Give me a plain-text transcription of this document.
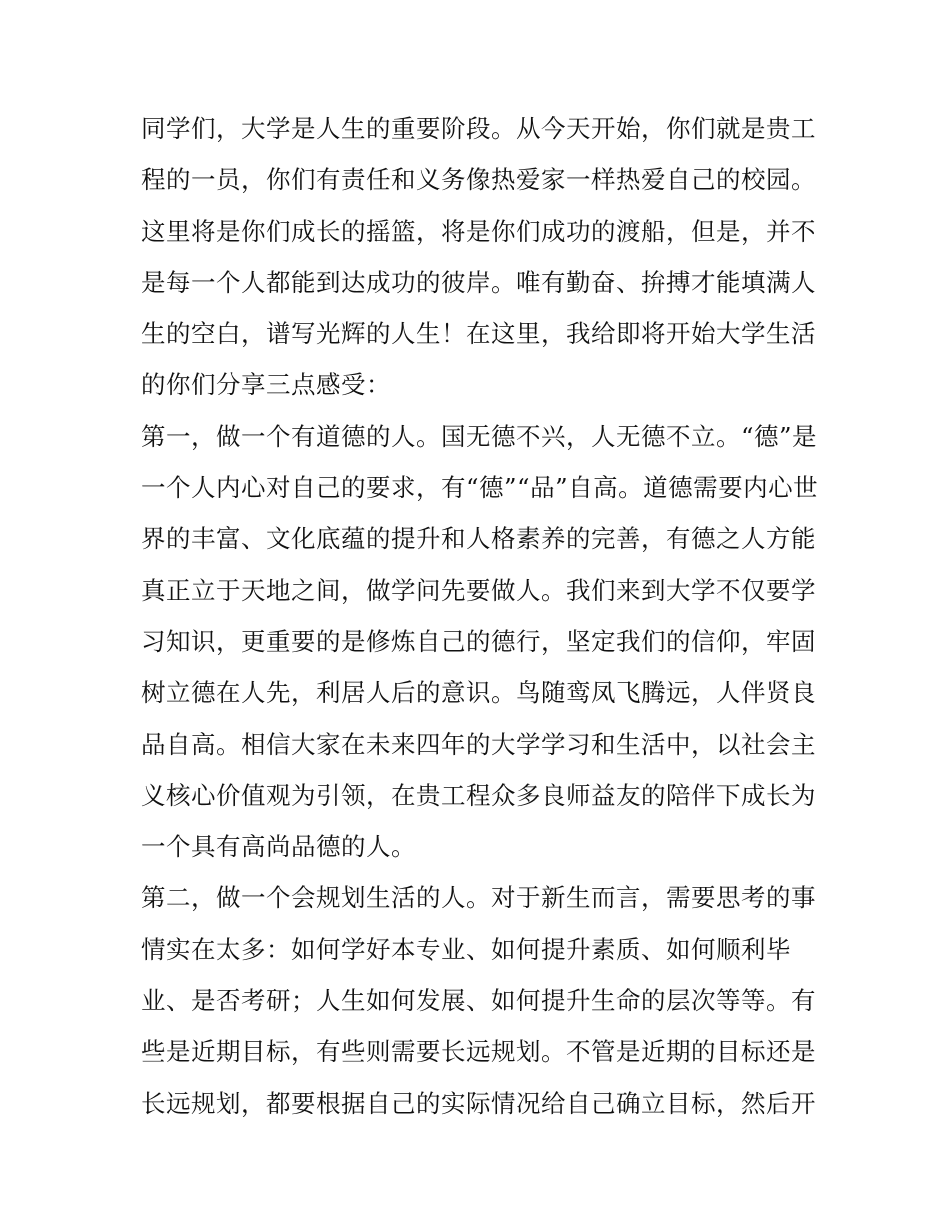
同学们，大学是人生的重要阶段。从今天开始，你们就是贵工
程的一员，你们有责任和义务像热爱家一样热爱自己的校园。
这里将是你们成长的摇篮，将是你们成功的渡船，但是，并不
是每一个人都能到达成功的彼岸。唯有勤奋、拚搏才能填满人
生的空白，谱写光辉的人生！在这里，我给即将开始大学生活
的你们分享三点感受：
第一，做一个有道德的人。国无德不兴，人无德不立。“德”是
一个人内心对自己的要求，有“德”“品”自高。道德需要内心世
界的丰富、文化底蕴的提升和人格素养的完善，有德之人方能
真正立于天地之间，做学问先要做人。我们来到大学不仅要学
习知识，更重要的是修炼自己的德行，坚定我们的信仰，牢固
树立德在人先，利居人后的意识。鸟随鸾凤飞腾远，人伴贤良
品自高。相信大家在未来四年的大学学习和生活中，以社会主
义核心价值观为引领，在贵工程众多良师益友的陪伴下成长为
一个具有高尚品德的人。
第二，做一个会规划生活的人。对于新生而言，需要思考的事
情实在太多：如何学好本专业、如何提升素质、如何顺利毕
业、是否考研；人生如何发展、如何提升生命的层次等等。有
些是近期目标，有些则需要长远规划。不管是近期的目标还是
长远规划，都要根据自己的实际情况给自己确立目标，然后开
